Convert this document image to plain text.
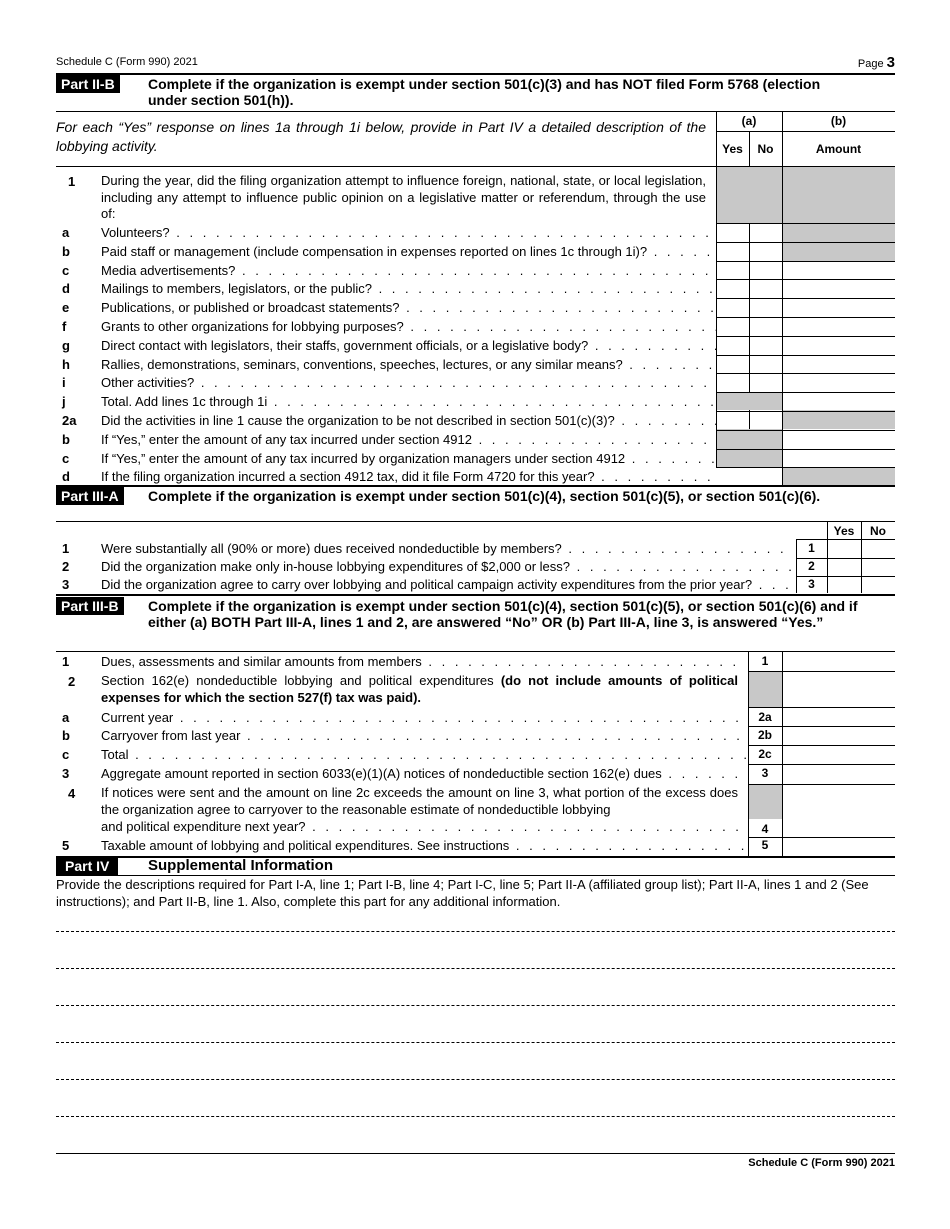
Schedule C (Form 990) 2021	Page 3
Part II-B	Complete if the organization is exempt under section 501(c)(3) and has NOT filed Form 5768 (election under section 501(h)).
For each “Yes” response on lines 1a through 1i below, provide in Part IV a detailed description of the lobbying activity.
(a)	(b)
Yes	No	Amount
1	During the year, did the filing organization attempt to influence foreign, national, state, or local legislation, including any attempt to influence public opinion on a legislative matter or referendum, through the use of:
a	Volunteers? . . .
b	Paid staff or management (include compensation in expenses reported on lines 1c through 1i)? . . .
c	Media advertisements? . . .
d	Mailings to members, legislators, or the public? . . .
e	Publications, or published or broadcast statements? . . .
f	Grants to other organizations for lobbying purposes? . . .
g	Direct contact with legislators, their staffs, government officials, or a legislative body? . . .
h	Rallies, demonstrations, seminars, conventions, speeches, lectures, or any similar means? . . .
i	Other activities? . . .
j	Total. Add lines 1c through 1i . . .
2a	Did the activities in line 1 cause the organization to be not described in section 501(c)(3)? . . .
b	If “Yes,” enter the amount of any tax incurred under section 4912 . . .
c	If “Yes,” enter the amount of any tax incurred by organization managers under section 4912 . . .
d	If the filing organization incurred a section 4912 tax, did it file Form 4720 for this year? . . .
Part III-A	Complete if the organization is exempt under section 501(c)(4), section 501(c)(5), or section 501(c)(6).
Yes	No
1	Were substantially all (90% or more) dues received nondeductible by members? . . .	1
2	Did the organization make only in-house lobbying expenditures of $2,000 or less? . . .	2
3	Did the organization agree to carry over lobbying and political campaign activity expenditures from the prior year? . . .	3
Part III-B	Complete if the organization is exempt under section 501(c)(4), section 501(c)(5), or section 501(c)(6) and if either (a) BOTH Part III-A, lines 1 and 2, are answered “No” OR (b) Part III-A, line 3, is answered “Yes.”
1	Dues, assessments and similar amounts from members . . .	1
2	Section 162(e) nondeductible lobbying and political expenditures (do not include amounts of political expenses for which the section 527(f) tax was paid).
a	Current year . . .	2a
b	Carryover from last year . . .	2b
c	Total . . .	2c
3	Aggregate amount reported in section 6033(e)(1)(A) notices of nondeductible section 162(e) dues . . .	3
4	If notices were sent and the amount on line 2c exceeds the amount on line 3, what portion of the excess does the organization agree to carryover to the reasonable estimate of nondeductible lobbying
and political expenditure next year? . . .	4
5	Taxable amount of lobbying and political expenditures. See instructions . . .	5
Part IV	Supplemental Information
Provide the descriptions required for Part I-A, line 1; Part I-B, line 4; Part I-C, line 5; Part II-A (affiliated group list); Part II-A, lines 1 and 2 (See instructions); and Part II-B, line 1. Also, complete this part for any additional information.
Schedule C (Form 990) 2021
